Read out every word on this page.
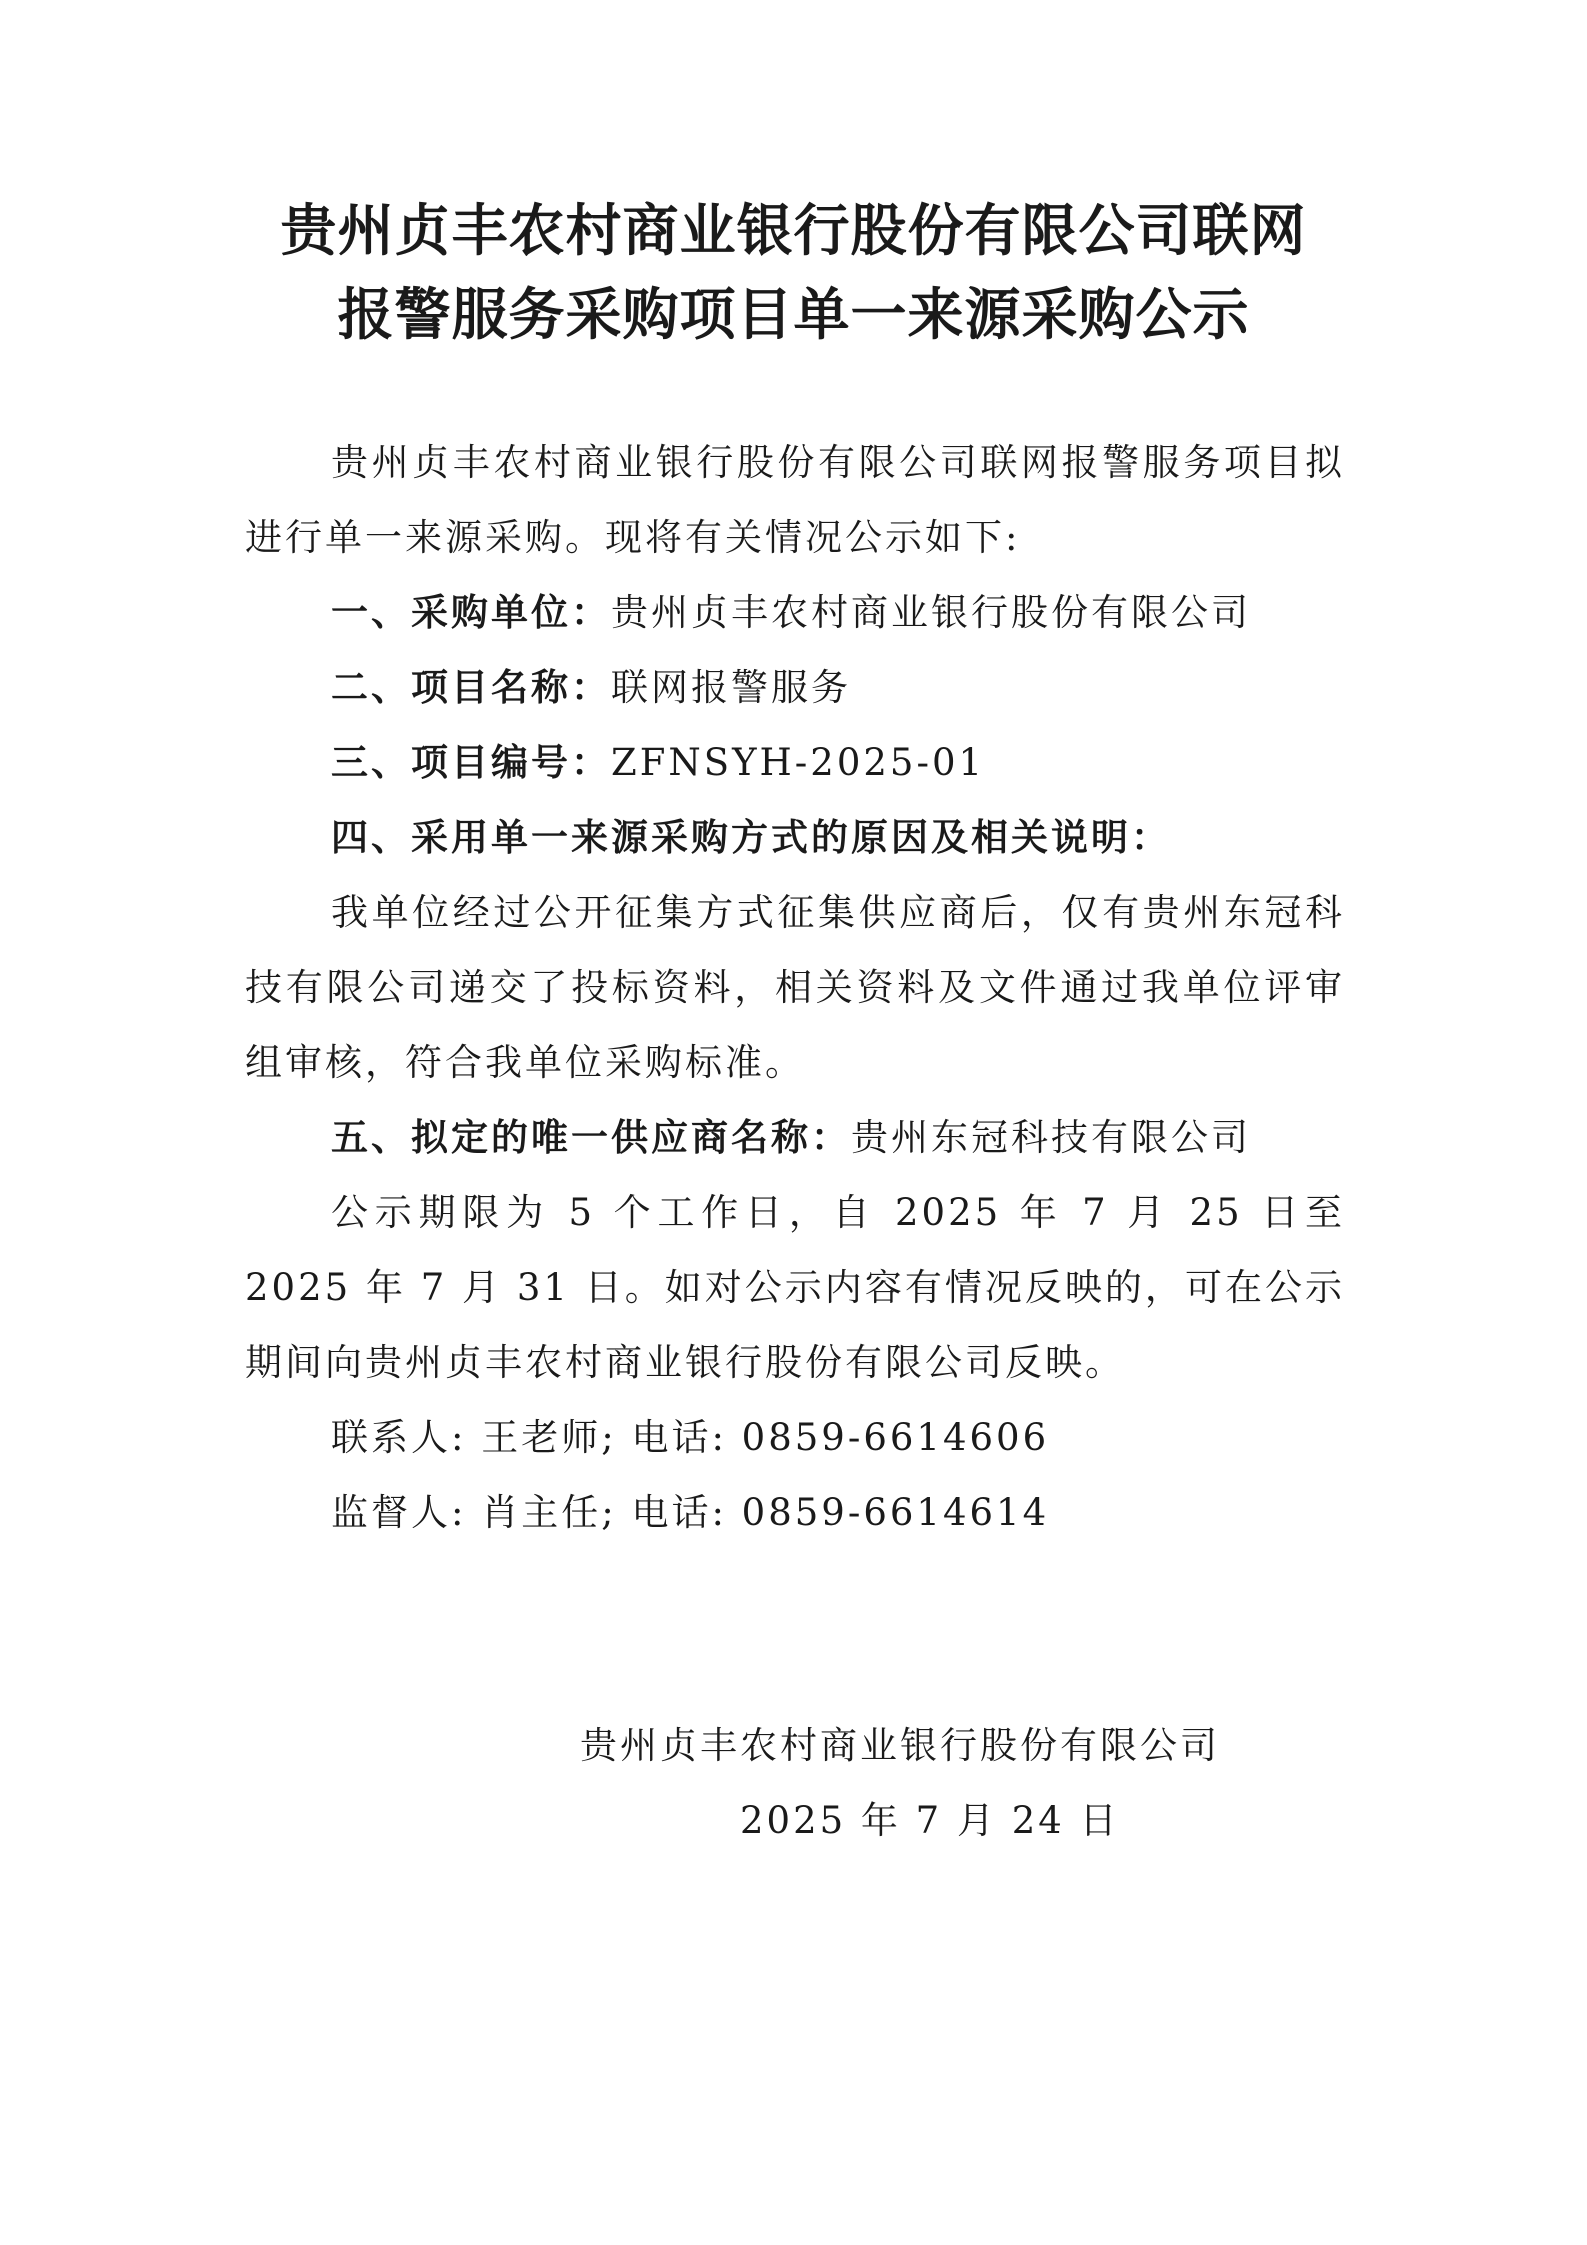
贵州贞丰农村商业银行股份有限公司联网
报警服务采购项目单一来源采购公示

贵州贞丰农村商业银行股份有限公司联网报警服务项目拟进行单一来源采购。现将有关情况公示如下:

一、采购单位：贵州贞丰农村商业银行股份有限公司

二、项目名称：联网报警服务

三、项目编号：ZFNSYH-2025-01

四、采用单一来源采购方式的原因及相关说明：

我单位经过公开征集方式征集供应商后，仅有贵州东冠科技有限公司递交了投标资料，相关资料及文件通过我单位评审组审核，符合我单位采购标准。

五、拟定的唯一供应商名称：贵州东冠科技有限公司

公示期限为 5 个工作日，自 2025 年 7 月 25 日至 2025 年 7 月 31 日。如对公示内容有情况反映的，可在公示期间向贵州贞丰农村商业银行股份有限公司反映。

联系人: 王老师; 电话: 0859-6614606

监督人: 肖主任; 电话: 0859-6614614

贵州贞丰农村商业银行股份有限公司

2025 年 7 月 24 日
